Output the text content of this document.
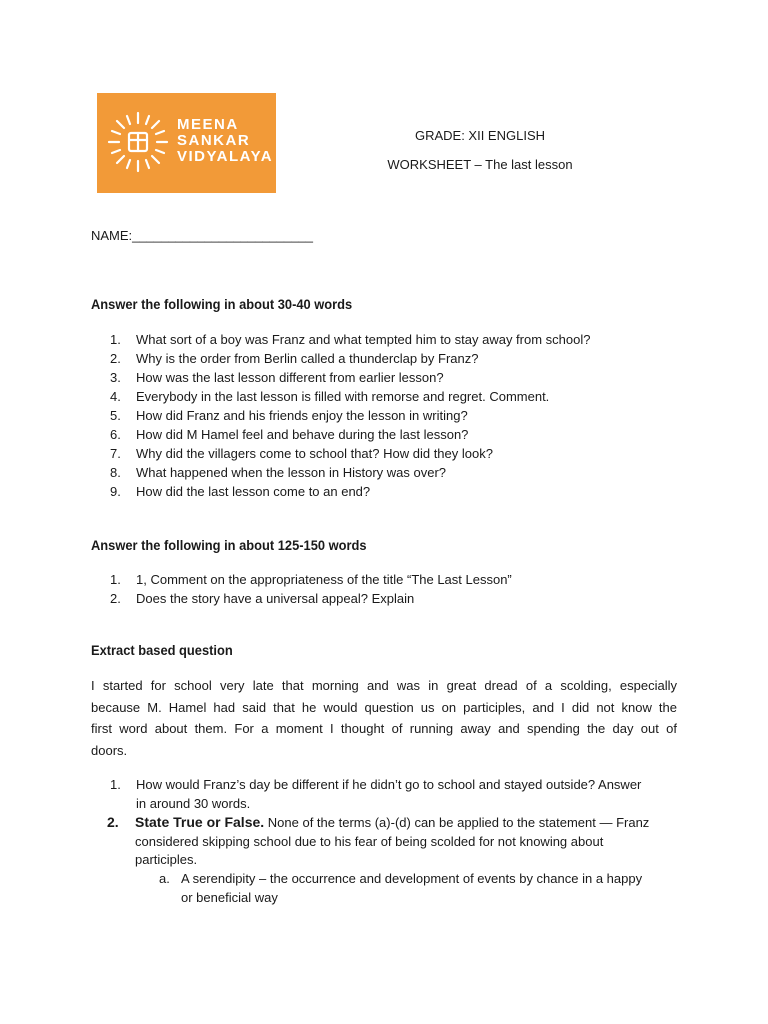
MEENA
SANKAR
VIDYALAYA
GRADE: XII ENGLISH
WORKSHEET – The last lesson
NAME:_________________________
Answer the following in about 30-40 words
1. What sort of a boy was Franz and what tempted him to stay away from school?
2. Why is the order from Berlin called a thunderclap by Franz?
3. How was the last lesson different from earlier lesson?
4. Everybody in the last lesson is filled with remorse and regret. Comment.
5. How did Franz and his friends enjoy the lesson in writing?
6. How did M Hamel feel and behave during the last lesson?
7. Why did the villagers come to school that? How did they look?
8. What happened when the lesson in History was over?
9. How did the last lesson come to an end?
Answer the following in about 125-150 words
1. 1, Comment on the appropriateness of the title “The Last Lesson”
2. Does the story have a universal appeal? Explain
Extract based question
I started for school very late that morning and was in great dread of a scolding, especially
because M. Hamel had said that he would question us on participles, and I did not know the
first word about them. For a moment I thought of running away and spending the day out of
doors.
1. How would Franz’s day be different if he didn’t go to school and stayed outside? Answer
in around 30 words.
2. State True or False. None of the terms (a)-(d) can be applied to the statement — Franz
considered skipping school due to his fear of being scolded for not knowing about
participles.
a. A serendipity – the occurrence and development of events by chance in a happy
or beneficial way
